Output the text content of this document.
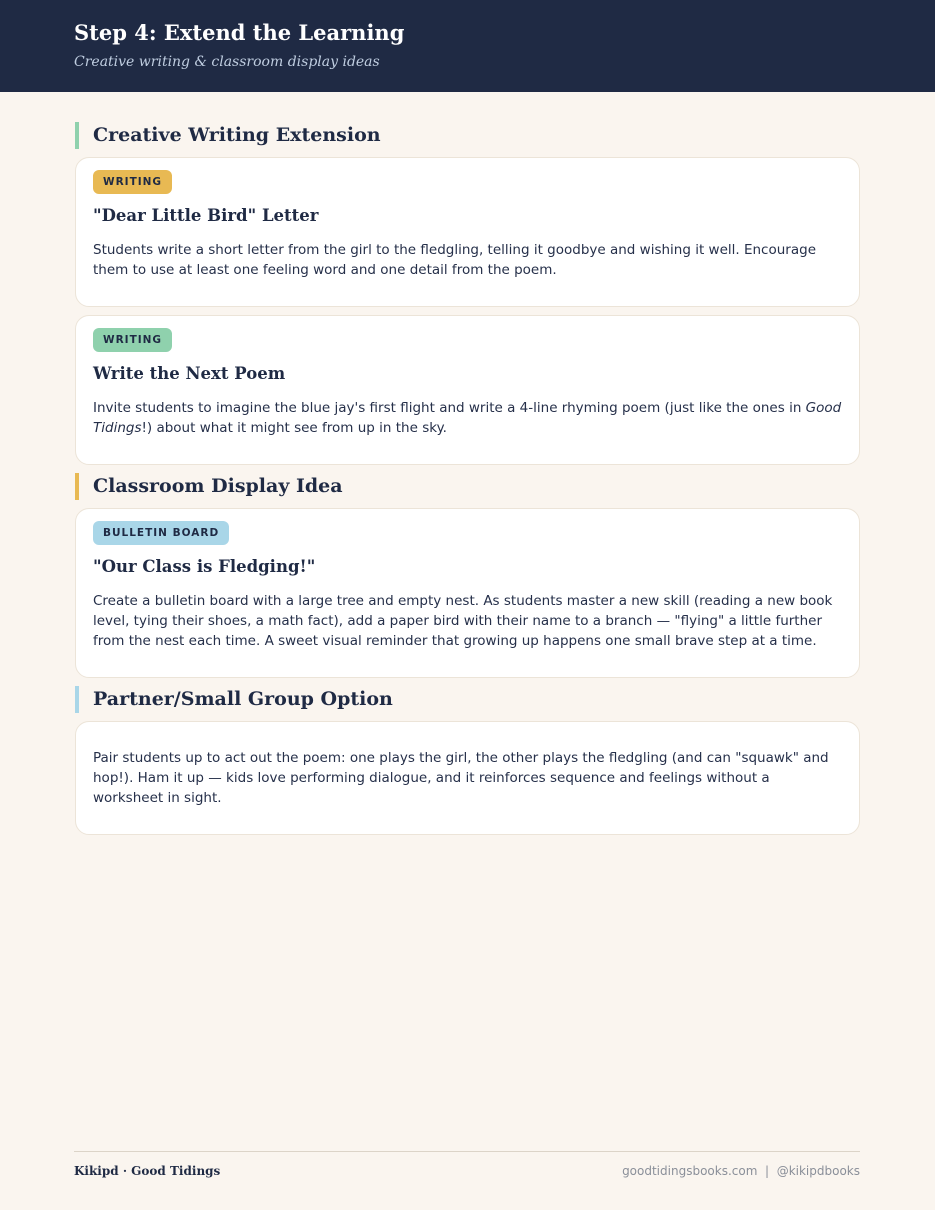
Step 4: Extend the Learning
Creative writing & classroom display ideas
Creative Writing Extension
WRITING
"Dear Little Bird" Letter
Students write a short letter from the girl to the fledgling, telling it goodbye and wishing it well. Encourage them to use at least one feeling word and one detail from the poem.
WRITING
Write the Next Poem
Invite students to imagine the blue jay's first flight and write a 4-line rhyming poem (just like the ones in Good Tidings!) about what it might see from up in the sky.
Classroom Display Idea
BULLETIN BOARD
"Our Class is Fledging!"
Create a bulletin board with a large tree and empty nest. As students master a new skill (reading a new book level, tying their shoes, a math fact), add a paper bird with their name to a branch — "flying" a little further from the nest each time. A sweet visual reminder that growing up happens one small brave step at a time.
Partner/Small Group Option
Pair students up to act out the poem: one plays the girl, the other plays the fledgling (and can "squawk" and hop!). Ham it up — kids love performing dialogue, and it reinforces sequence and feelings without a worksheet in sight.
Kikipd · Good Tidings	goodtidingsbooks.com  |  @kikipdbooks
